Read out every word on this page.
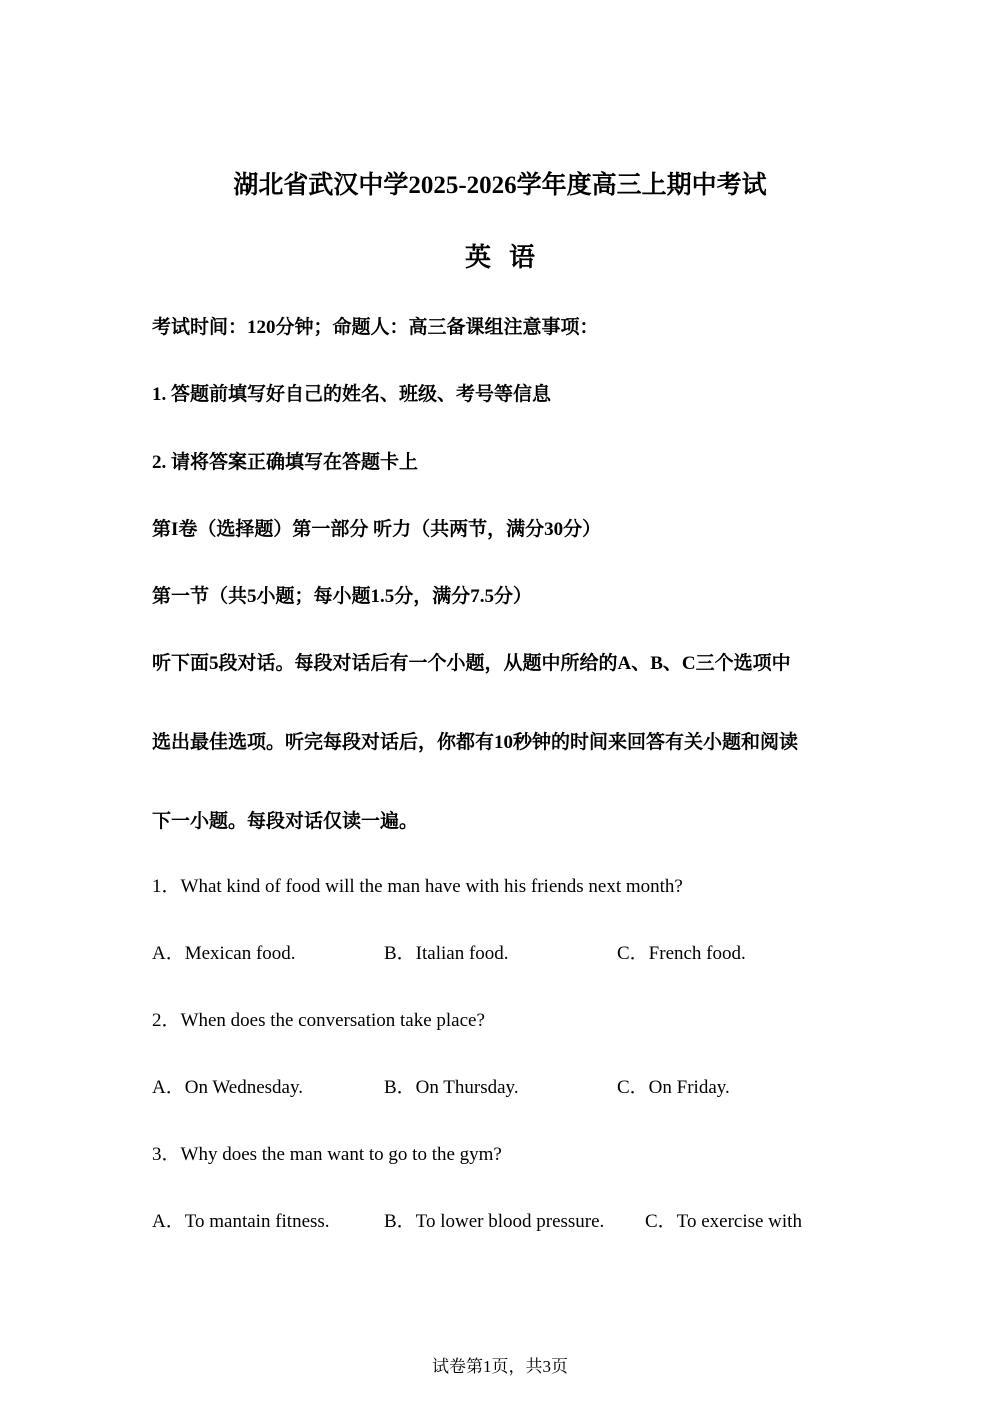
湖北省武汉中学2025-2026学年度高三上期中考试
英语
考试时间：120分钟；命题人：高三备课组注意事项：
1. 答题前填写好自己的姓名、班级、考号等信息
2. 请将答案正确填写在答题卡上
第I卷（选择题）第一部分 听力（共两节，满分30分）
第一节（共5小题；每小题1.5分，满分7.5分）
听下面5段对话。每段对话后有一个小题，从题中所给的A、B、C三个选项中
选出最佳选项。听完每段对话后，你都有10秒钟的时间来回答有关小题和阅读
下一小题。每段对话仅读一遍。
1．What kind of food will the man have with his friends next month?
A．Mexican food.	B．Italian food.	C．French food.
2．When does the conversation take place?
A．On Wednesday.	B．On Thursday.	C．On Friday.
3．Why does the man want to go to the gym?
A．To mantain fitness.	B．To lower blood pressure. C．To exercise with
试卷第1页，共3页
